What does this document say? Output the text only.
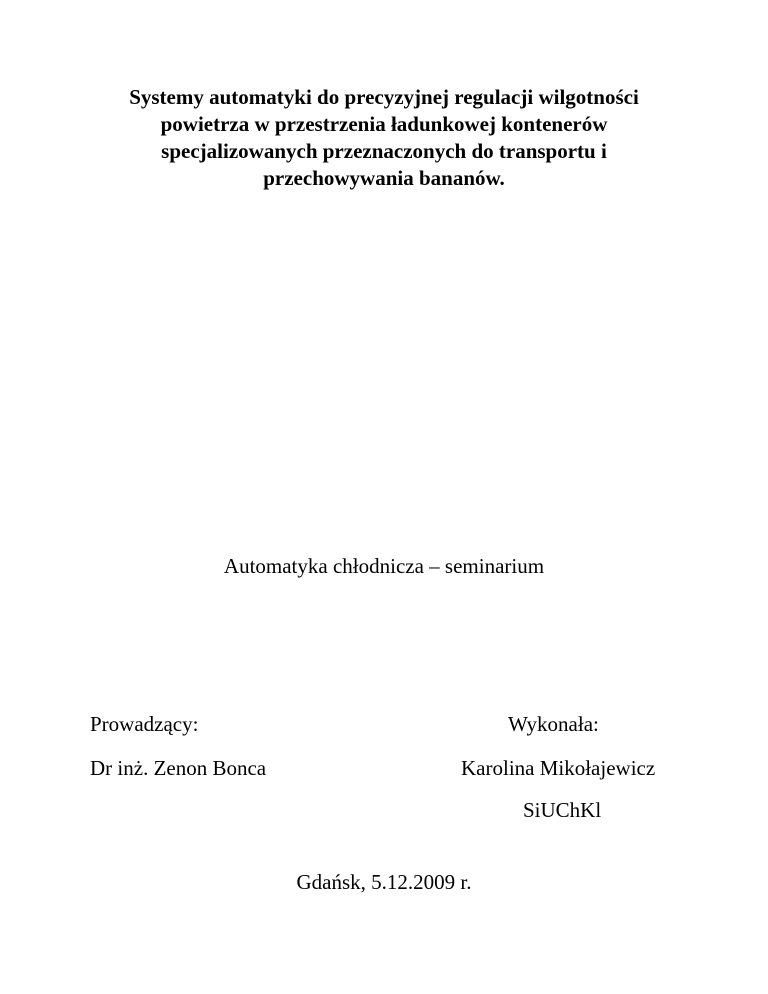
Systemy automatyki do precyzyjnej regulacji wilgotności
powietrza w przestrzenia ładunkowej kontenerów
specjalizowanych przeznaczonych do transportu i
przechowywania bananów.
Automatyka chłodnicza – seminarium
Prowadzący:
Dr inż. Zenon Bonca
Wykonała:
Karolina Mikołajewicz
SiUChKl
Gdańsk, 5.12.2009 r.
